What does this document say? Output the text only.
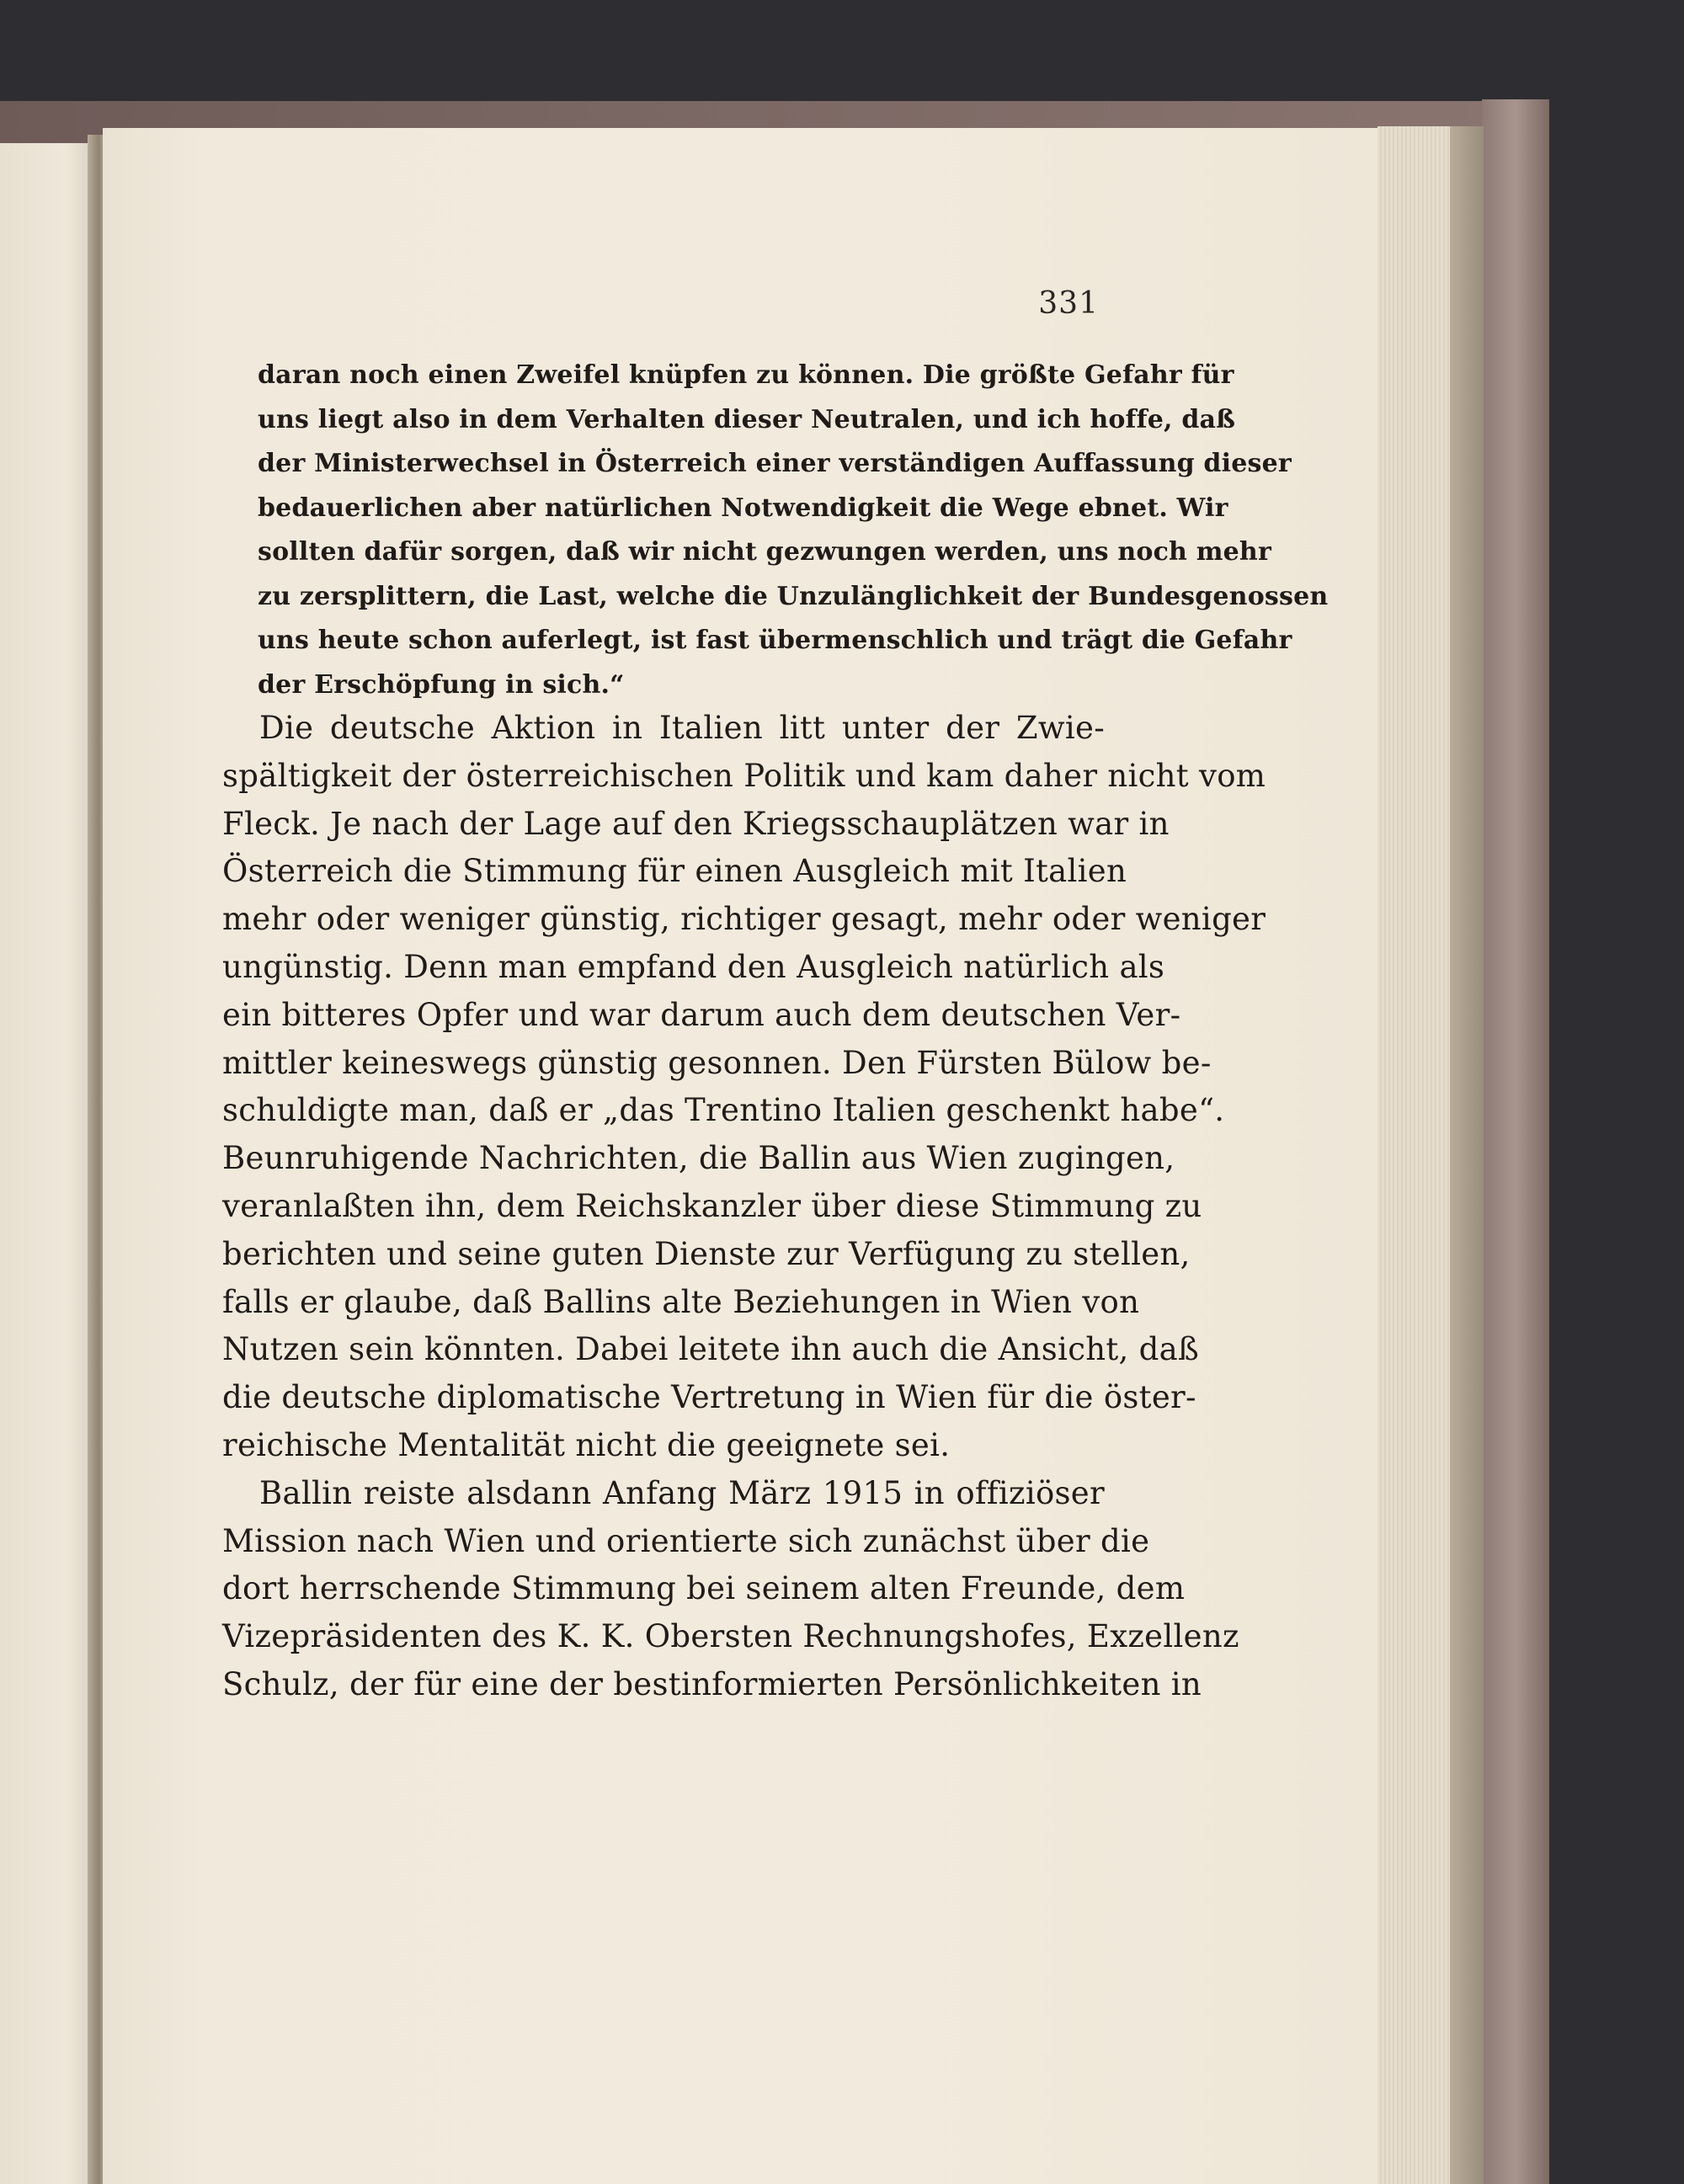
331
daran noch einen Zweifel knüpfen zu können. Die größte Gefahr für
uns liegt also in dem Verhalten dieser Neutralen, und ich hoffe, daß
der Ministerwechsel in Österreich einer verständigen Auffassung dieser
bedauerlichen aber natürlichen Notwendigkeit die Wege ebnet. Wir
sollten dafür sorgen, daß wir nicht gezwungen werden, uns noch mehr
zu zersplittern, die Last, welche die Unzulänglichkeit der Bundesgenossen
uns heute schon auferlegt, ist fast übermenschlich und trägt die Gefahr
der Erschöpfung in sich.“
Die deutsche Aktion in Italien litt unter der Zwie-
spältigkeit der österreichischen Politik und kam daher nicht vom
Fleck. Je nach der Lage auf den Kriegsschauplätzen war in
Österreich die Stimmung für einen Ausgleich mit Italien
mehr oder weniger günstig, richtiger gesagt, mehr oder weniger
ungünstig. Denn man empfand den Ausgleich natürlich als
ein bitteres Opfer und war darum auch dem deutschen Ver-
mittler keineswegs günstig gesonnen. Den Fürsten Bülow be-
schuldigte man, daß er „das Trentino Italien geschenkt habe“.
Beunruhigende Nachrichten, die Ballin aus Wien zugingen,
veranlaßten ihn, dem Reichskanzler über diese Stimmung zu
berichten und seine guten Dienste zur Verfügung zu stellen,
falls er glaube, daß Ballins alte Beziehungen in Wien von
Nutzen sein könnten. Dabei leitete ihn auch die Ansicht, daß
die deutsche diplomatische Vertretung in Wien für die öster-
reichische Mentalität nicht die geeignete sei.
Ballin reiste alsdann Anfang März 1915 in offiziöser
Mission nach Wien und orientierte sich zunächst über die
dort herrschende Stimmung bei seinem alten Freunde, dem
Vizepräsidenten des K. K. Obersten Rechnungshofes, Exzellenz
Schulz, der für eine der bestinformierten Persönlichkeiten in
